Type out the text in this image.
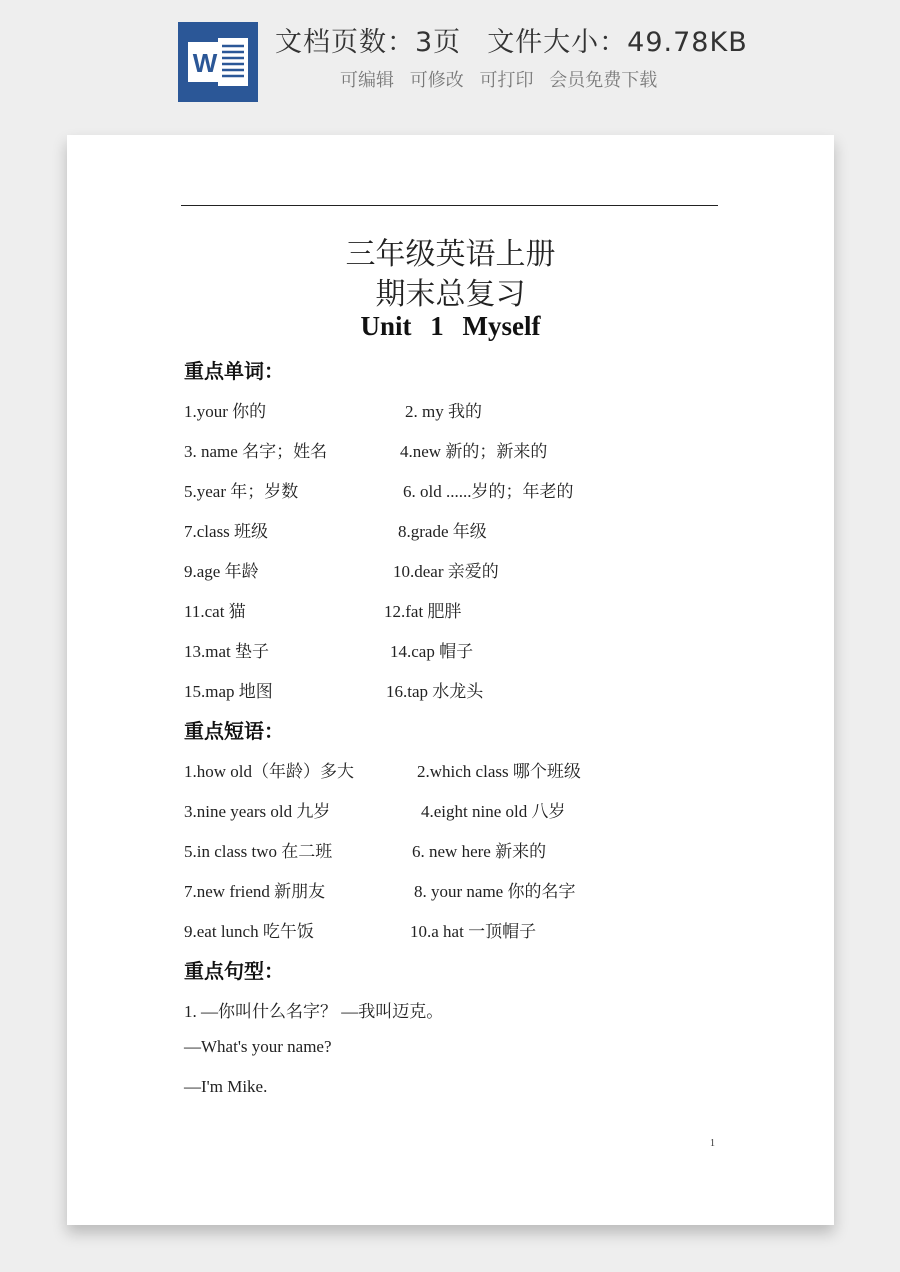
W
文档页数：3页 文件大小：49.78KB
可编辑 可修改 可打印 会员免费下载
三年级英语上册
期末总复习
Unit 1 Myself
重点单词：
1.your 你的	2. my 我的
3. name 名字；姓名	4.new 新的；新来的
5.year 年；岁数	6. old ......岁的；年老的
7.class 班级	8.grade 年级
9.age 年龄	10.dear 亲爱的
11.cat 猫	12.fat 肥胖
13.mat 垫子	14.cap 帽子
15.map 地图	16.tap 水龙头
重点短语：
1.how old（年龄）多大	2.which class 哪个班级
3.nine years old 九岁	4.eight nine old 八岁
5.in class two 在二班	6. new here 新来的
7.new friend 新朋友	8. your name 你的名字
9.eat lunch 吃午饭	10.a hat 一顶帽子
重点句型：
1. —你叫什么名字？ —我叫迈克。
—What's your name?
—I'm Mike.
1
